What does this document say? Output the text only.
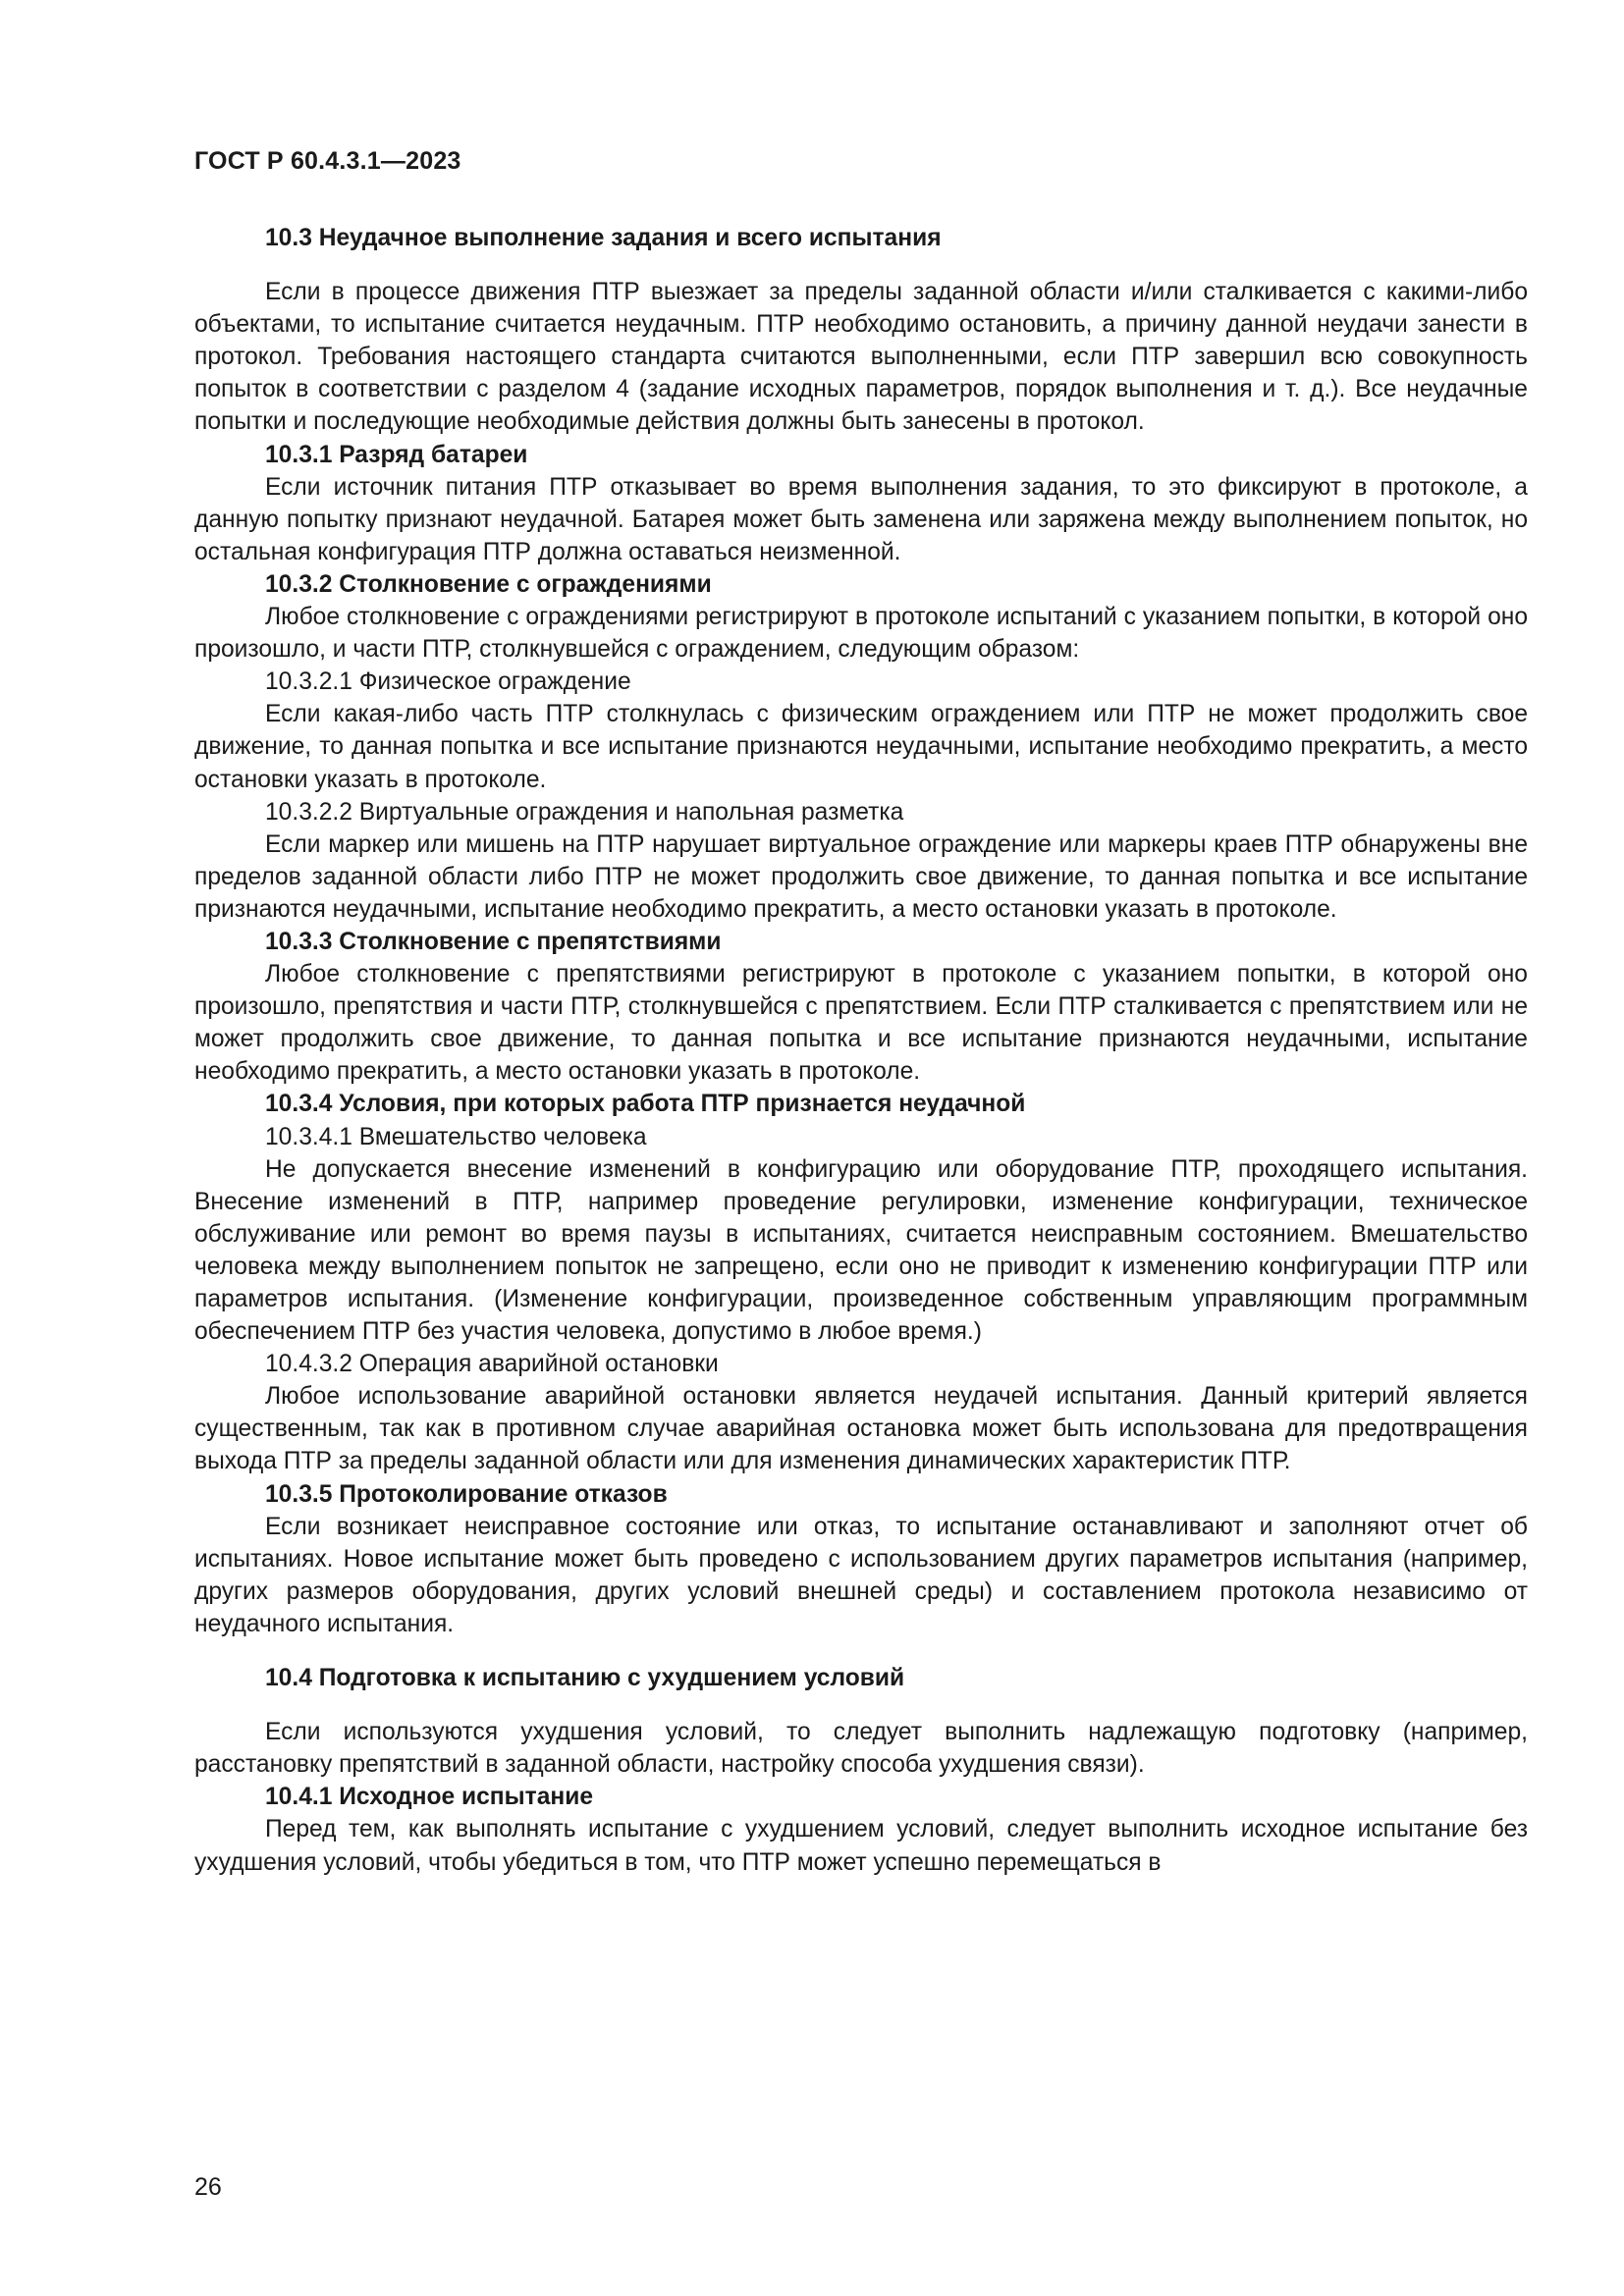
ГОСТ Р 60.4.3.1—2023

10.3 Неудачное выполнение задания и всего испытания

Если в процессе движения ПТР выезжает за пределы заданной области и/или сталкивается с какими-либо объектами, то испытание считается неудачным. ПТР необходимо остановить, а причину данной неудачи занести в протокол. Требования настоящего стандарта считаются выполненными, если ПТР завершил всю совокупность попыток в соответствии с разделом 4 (задание исходных параметров, порядок выполнения и т. д.). Все неудачные попытки и последующие необходимые действия должны быть занесены в протокол.

10.3.1 Разряд батареи

Если источник питания ПТР отказывает во время выполнения задания, то это фиксируют в протоколе, а данную попытку признают неудачной. Батарея может быть заменена или заряжена между выполнением попыток, но остальная конфигурация ПТР должна оставаться неизменной.

10.3.2 Столкновение с ограждениями

Любое столкновение с ограждениями регистрируют в протоколе испытаний с указанием попытки, в которой оно произошло, и части ПТР, столкнувшейся с ограждением, следующим образом:

10.3.2.1 Физическое ограждение

Если какая-либо часть ПТР столкнулась с физическим ограждением или ПТР не может продолжить свое движение, то данная попытка и все испытание признаются неудачными, испытание необходимо прекратить, а место остановки указать в протоколе.

10.3.2.2 Виртуальные ограждения и напольная разметка

Если маркер или мишень на ПТР нарушает виртуальное ограждение или маркеры краев ПТР обнаружены вне пределов заданной области либо ПТР не может продолжить свое движение, то данная попытка и все испытание признаются неудачными, испытание необходимо прекратить, а место остановки указать в протоколе.

10.3.3 Столкновение с препятствиями

Любое столкновение с препятствиями регистрируют в протоколе с указанием попытки, в которой оно произошло, препятствия и части ПТР, столкнувшейся с препятствием. Если ПТР сталкивается с препятствием или не может продолжить свое движение, то данная попытка и все испытание признаются неудачными, испытание необходимо прекратить, а место остановки указать в протоколе.

10.3.4 Условия, при которых работа ПТР признается неудачной

10.3.4.1 Вмешательство человека

Не допускается внесение изменений в конфигурацию или оборудование ПТР, проходящего испытания. Внесение изменений в ПТР, например проведение регулировки, изменение конфигурации, техническое обслуживание или ремонт во время паузы в испытаниях, считается неисправным состоянием. Вмешательство человека между выполнением попыток не запрещено, если оно не приводит к изменению конфигурации ПТР или параметров испытания. (Изменение конфигурации, произведенное собственным управляющим программным обеспечением ПТР без участия человека, допустимо в любое время.)

10.4.3.2 Операция аварийной остановки

Любое использование аварийной остановки является неудачей испытания. Данный критерий является существенным, так как в противном случае аварийная остановка может быть использована для предотвращения выхода ПТР за пределы заданной области или для изменения динамических характеристик ПТР.

10.3.5 Протоколирование отказов

Если возникает неисправное состояние или отказ, то испытание останавливают и заполняют отчет об испытаниях. Новое испытание может быть проведено с использованием других параметров испытания (например, других размеров оборудования, других условий внешней среды) и составлением протокола независимо от неудачного испытания.

10.4 Подготовка к испытанию с ухудшением условий

Если используются ухудшения условий, то следует выполнить надлежащую подготовку (например, расстановку препятствий в заданной области, настройку способа ухудшения связи).

10.4.1 Исходное испытание

Перед тем, как выполнять испытание с ухудшением условий, следует выполнить исходное испытание без ухудшения условий, чтобы убедиться в том, что ПТР может успешно перемещаться в

26
